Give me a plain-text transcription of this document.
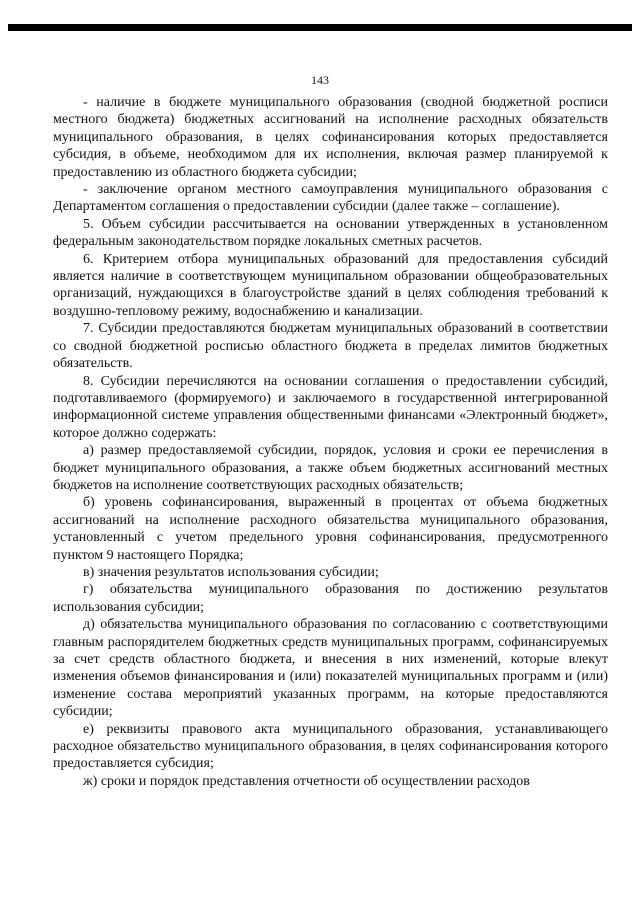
143

- наличие в бюджете муниципального образования (сводной бюджетной росписи местного бюджета) бюджетных ассигнований на исполнение расходных обязательств муниципального образования, в целях софинансирования которых предоставляется субсидия, в объеме, необходимом для их исполнения, включая размер планируемой к предоставлению из областного бюджета субсидии;

- заключение органом местного самоуправления муниципального образования с Департаментом соглашения о предоставлении субсидии (далее также – соглашение).

5. Объем субсидии рассчитывается на основании утвержденных в установленном федеральным законодательством порядке локальных сметных расчетов.

6. Критерием отбора муниципальных образований для предоставления субсидий является наличие в соответствующем муниципальном образовании общеобразовательных организаций, нуждающихся в благоустройстве зданий в целях соблюдения требований к воздушно-тепловому режиму, водоснабжению и канализации.

7. Субсидии предоставляются бюджетам муниципальных образований в соответствии со сводной бюджетной росписью областного бюджета в пределах лимитов бюджетных обязательств.

8. Субсидии перечисляются на основании соглашения о предоставлении субсидий, подготавливаемого (формируемого) и заключаемого в государственной интегрированной информационной системе управления общественными финансами «Электронный бюджет», которое должно содержать:

а) размер предоставляемой субсидии, порядок, условия и сроки ее перечисления в бюджет муниципального образования, а также объем бюджетных ассигнований местных бюджетов на исполнение соответствующих расходных обязательств;

б) уровень софинансирования, выраженный в процентах от объема бюджетных ассигнований на исполнение расходного обязательства муниципального образования, установленный с учетом предельного уровня софинансирования, предусмотренного пунктом 9 настоящего Порядка;

в) значения результатов использования субсидии;

г) обязательства муниципального образования по достижению результатов использования субсидии;

д) обязательства муниципального образования по согласованию с соответствующими главным распорядителем бюджетных средств муниципальных программ, софинансируемых за счет средств областного бюджета, и внесения в них изменений, которые влекут изменения объемов финансирования и (или) показателей муниципальных программ и (или) изменение состава мероприятий указанных программ, на которые предоставляются субсидии;

е) реквизиты правового акта муниципального образования, устанавливающего расходное обязательство муниципального образования, в целях софинансирования которого предоставляется субсидия;

ж) сроки и порядок представления отчетности об осуществлении расходов
